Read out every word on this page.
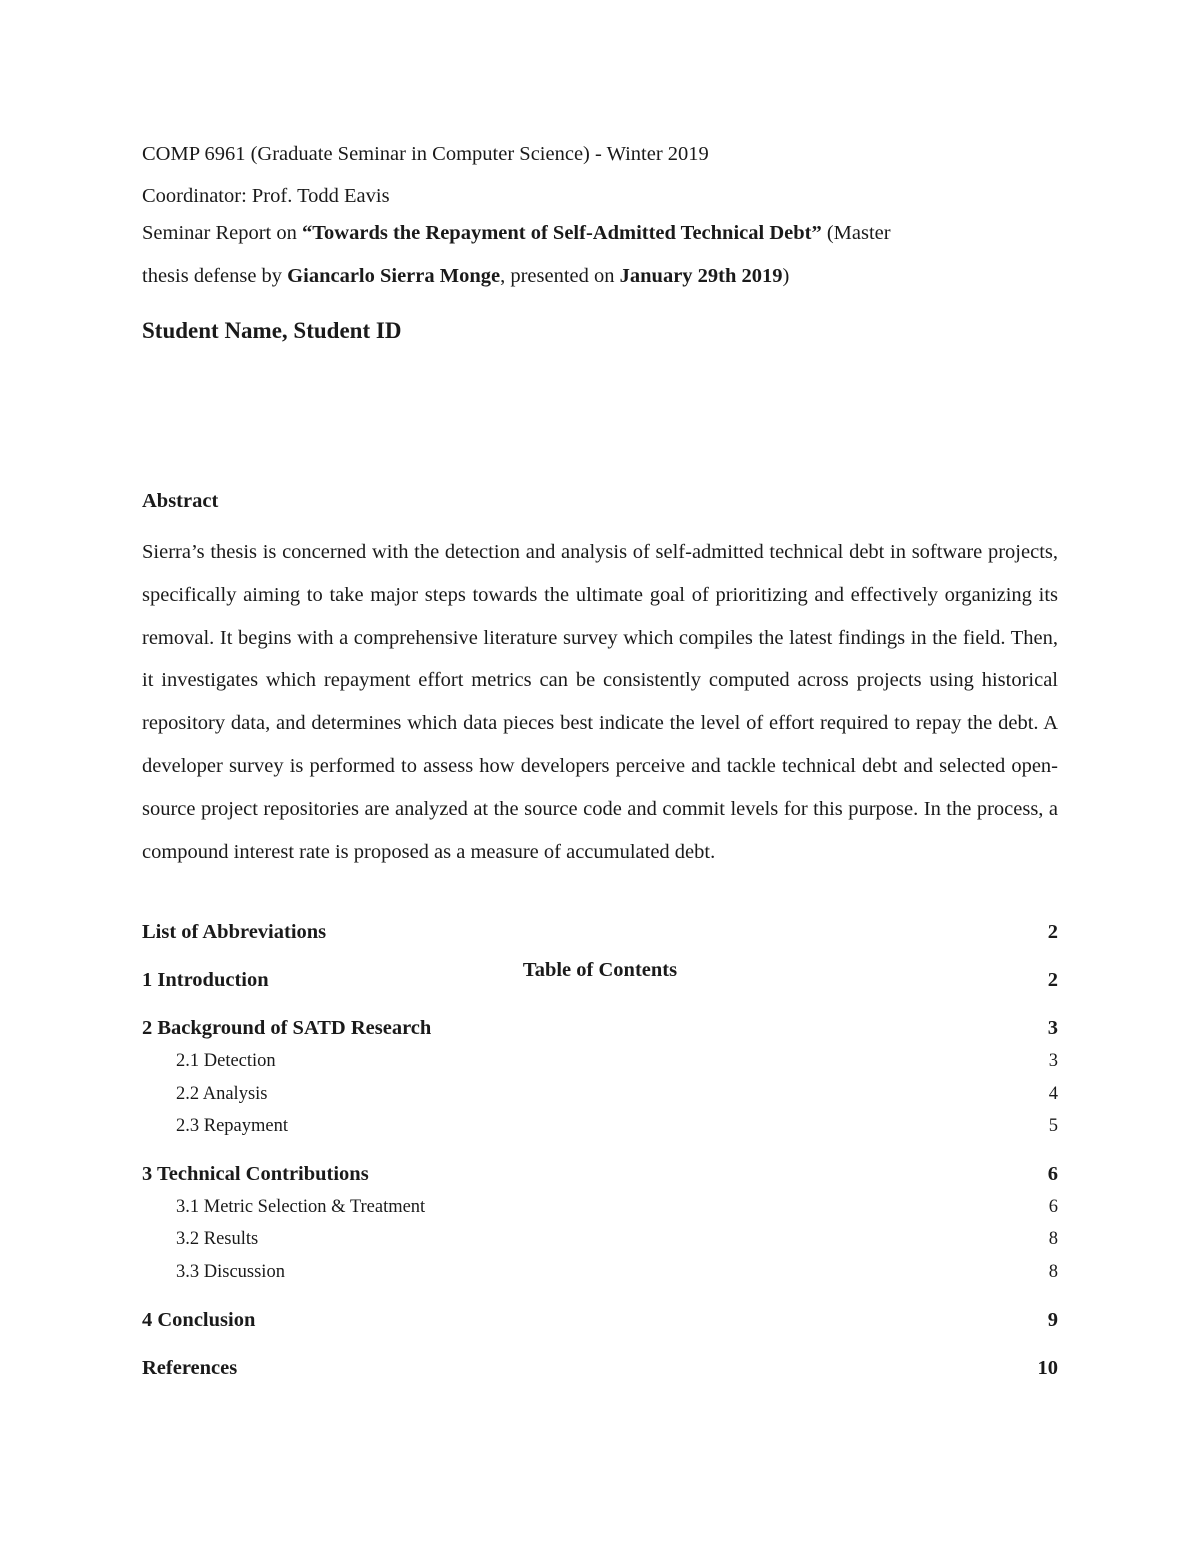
COMP 6961 (Graduate Seminar in Computer Science) - Winter 2019
Coordinator: Prof. Todd Eavis
Seminar Report on “Towards the Repayment of Self-Admitted Technical Debt” (Master
thesis defense by Giancarlo Sierra Monge, presented on January 29th 2019)
Student Name, Student ID
Abstract
Sierra’s thesis is concerned with the detection and analysis of self-admitted technical debt in software projects, specifically aiming to take major steps towards the ultimate goal of prioritizing and effectively organizing its removal. It begins with a comprehensive literature survey which compiles the latest findings in the field. Then, it investigates which repayment effort metrics can be consistently computed across projects using historical repository data, and determines which data pieces best indicate the level of effort required to repay the debt. A developer survey is performed to assess how developers perceive and tackle technical debt and selected open-source project repositories are analyzed at the source code and commit levels for this purpose. In the process, a compound interest rate is proposed as a measure of accumulated debt.
Table of Contents
List of Abbreviations	2
1 Introduction	2
2 Background of SATD Research	3
2.1 Detection	3
2.2 Analysis	4
2.3 Repayment	5
3 Technical Contributions	6
3.1 Metric Selection & Treatment	6
3.2 Results	8
3.3 Discussion	8
4 Conclusion	9
References	10
